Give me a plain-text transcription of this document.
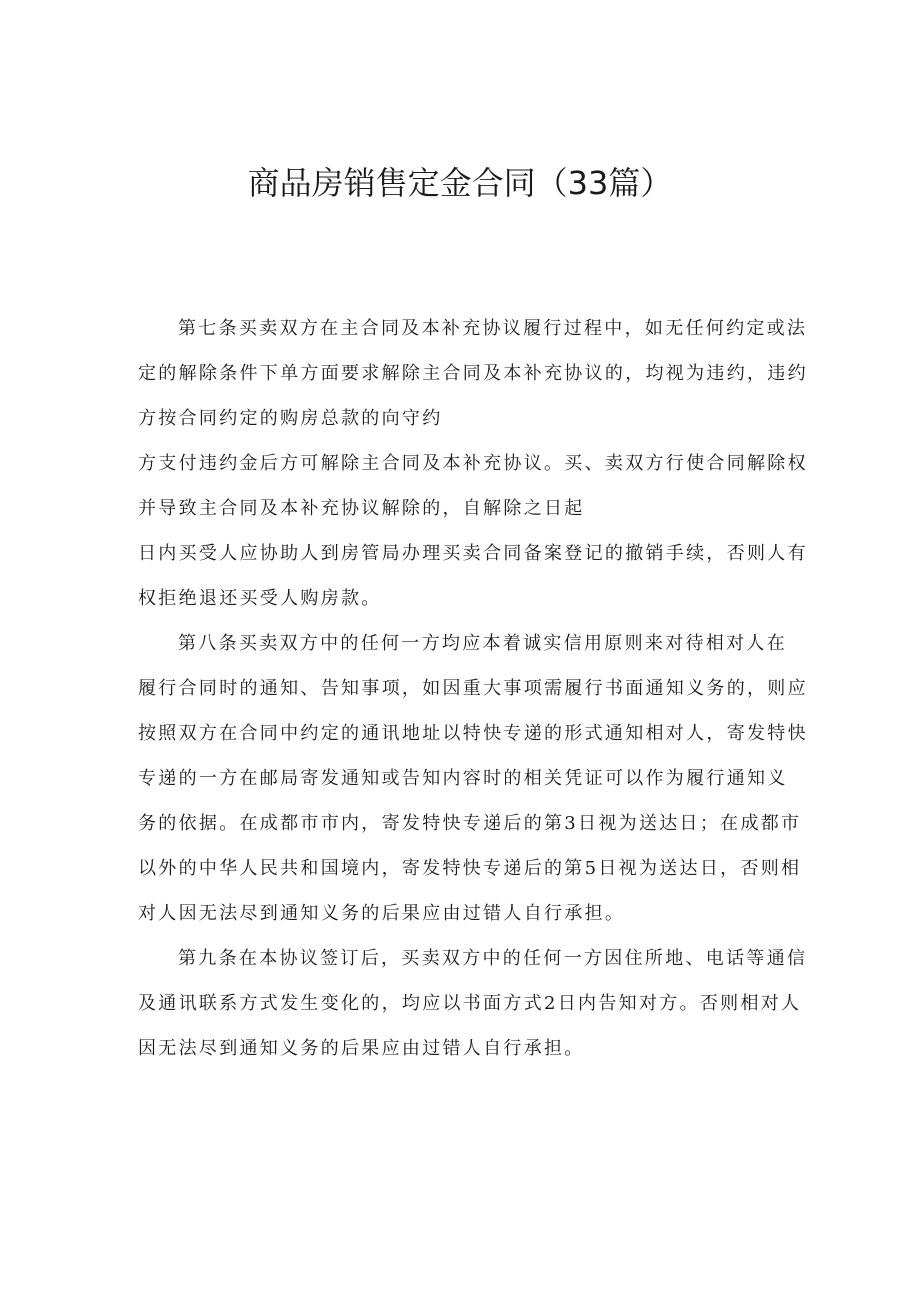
商品房销售定金合同（33篇）
第七条买卖双方在主合同及本补充协议履行过程中，如无任何约定或法
定的解除条件下单方面要求解除主合同及本补充协议的，均视为违约，违约
方按合同约定的购房总款的向守约
方支付违约金后方可解除主合同及本补充协议。买、卖双方行使合同解除权
并导致主合同及本补充协议解除的，自解除之日起
日内买受人应协助人到房管局办理买卖合同备案登记的撤销手续，否则人有
权拒绝退还买受人购房款。
第八条买卖双方中的任何一方均应本着诚实信用原则来对待相对人在
履行合同时的通知、告知事项，如因重大事项需履行书面通知义务的，则应
按照双方在合同中约定的通讯地址以特快专递的形式通知相对人，寄发特快
专递的一方在邮局寄发通知或告知内容时的相关凭证可以作为履行通知义
务的依据。在成都市市内，寄发特快专递后的第3日视为送达日；在成都市
以外的中华人民共和国境内，寄发特快专递后的第5日视为送达日，否则相
对人因无法尽到通知义务的后果应由过错人自行承担。
第九条在本协议签订后，买卖双方中的任何一方因住所地、电话等通信
及通讯联系方式发生变化的，均应以书面方式2日内告知对方。否则相对人
因无法尽到通知义务的后果应由过错人自行承担。
